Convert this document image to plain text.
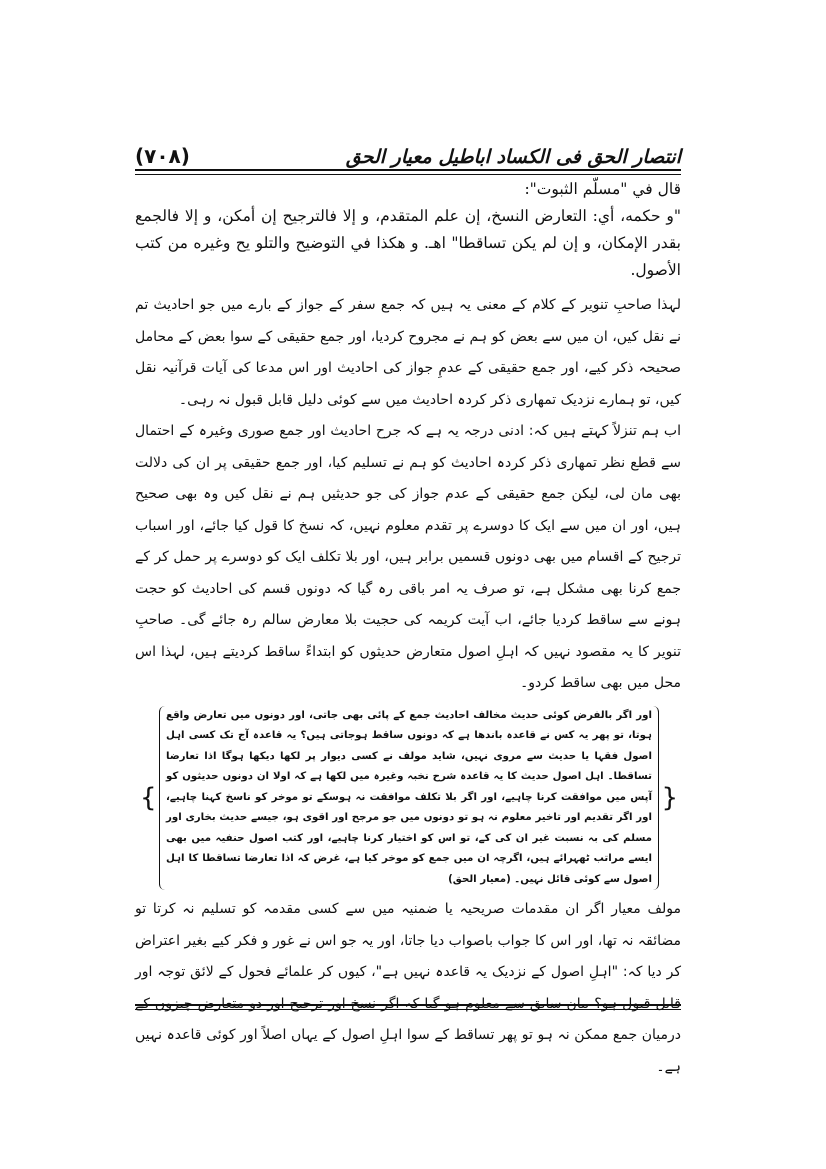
(۷۰۸)	انتصار الحق فی الکساد اباطیل معیار الحق

قال في "مسلّم الثبوت":

"و حكمه، أي: التعارض النسخ، إن علم المتقدم، و إلا فالترجيح إن أمكن، و إلا فالجمع بقدر الإمكان، و إن لم يكن تساقطا" اهـ. و هكذا في التوضيح والتلو يح وغيره من كتب الأصول.

لہذا صاحبِ تنویر کے کلام کے معنی یہ ہیں کہ جمع سفر کے جواز کے بارے میں جو احادیث تم نے نقل کیں، ان میں سے بعض کو ہم نے مجروح کردیا، اور جمع حقیقی کے سوا بعض کے محامل صحیحہ ذکر کیے، اور جمع حقیقی کے عدمِ جواز کی احادیث اور اس مدعا کی آیات قرآنیہ نقل کیں، تو ہمارے نزدیک تمھاری ذکر کردہ احادیث میں سے کوئی دلیل قابل قبول نہ رہی۔

اب ہم تنزلاً کہتے ہیں کہ: ادنی درجہ یہ ہے کہ جرح احادیث اور جمع صوری وغیرہ کے احتمال سے قطع نظر تمھاری ذکر کردہ احادیث کو ہم نے تسلیم کیا، اور جمع حقیقی پر ان کی دلالت بھی مان لی، لیکن جمع حقیقی کے عدم جواز کی جو حدیثیں ہم نے نقل کیں وہ بھی صحیح ہیں، اور ان میں سے ایک کا دوسرے پر تقدم معلوم نہیں، کہ نسخ کا قول کیا جائے، اور اسباب ترجیح کے اقسام میں بھی دونوں قسمیں برابر ہیں، اور بلا تکلف ایک کو دوسرے پر حمل کر کے جمع کرنا بھی مشکل ہے، تو صرف یہ امر باقی رہ گیا کہ دونوں قسم کی احادیث کو حجت ہونے سے ساقط کردیا جائے، اب آیت کریمہ کی حجیت بلا معارض سالم رہ جائے گی۔ صاحبِ تنویر کا یہ مقصود نہیں کہ اہلِ اصول متعارض حدیثوں کو ابتداءً ساقط کردیتے ہیں، لہذا اس محل میں بھی ساقط کردو۔

{
اور اگر بالفرض کوئی حدیث مخالف احادیث جمع کے پائی بھی جاتی، اور دونوں میں تعارض واقع ہوتا، تو پھر یہ کس نے قاعدہ باندھا ہے کہ دونوں ساقط ہوجاتی ہیں؟ یہ قاعدہ آج تک کسی اہل اصول فقہا یا حدیث سے مروی نہیں، شاید مولف نے کسی دیوار پر لکھا دیکھا ہوگا اذا تعارضا تساقطا۔ اہل اصول حدیث کا یہ قاعدہ شرح نخبہ وغیرہ میں لکھا ہے کہ اولا ان دونوں حدیثوں کو آپس میں موافقت کرنا چاہیے، اور اگر بلا تکلف موافقت نہ ہوسکے تو موخر کو ناسخ کہنا چاہیے، اور اگر تقدیم اور تاخیر معلوم نہ ہو تو دونوں میں جو مرجح اور اقوی ہو، جیسے حدیث بخاری اور مسلم کی بہ نسبت غیر ان کی کے، تو اس کو اختیار کرنا چاہیے، اور کتب اصول حنفیہ میں بھی ایسے مراتب ٹھہرائے ہیں، اگرچہ ان میں جمع کو موخر کیا ہے، غرض کہ اذا تعارضا تساقطا کا اہل اصول سے کوئی قائل نہیں۔ (معیار الحق)
}

مولف معیار اگر ان مقدمات صریحیہ یا ضمنیہ میں سے کسی مقدمہ کو تسلیم نہ کرتا تو مضائقہ نہ تھا، اور اس کا جواب باصواب دیا جاتا، اور یہ جو اس نے غور و فکر کیے بغیر اعتراض کر دیا کہ: "اہلِ اصول کے نزدیک یہ قاعدہ نہیں ہے"، کیوں کر علمائے فحول کے لائق توجہ اور قابل قبول ہو؟ بیان سابق سے معلوم ہو گیا کہ اگر نسخ اور ترجیح اور دو متعارض چیزوں کے درمیان جمع ممکن نہ ہو تو پھر تساقط کے سوا اہلِ اصول کے یہاں اصلاً اور کوئی قاعدہ نہیں ہے۔
